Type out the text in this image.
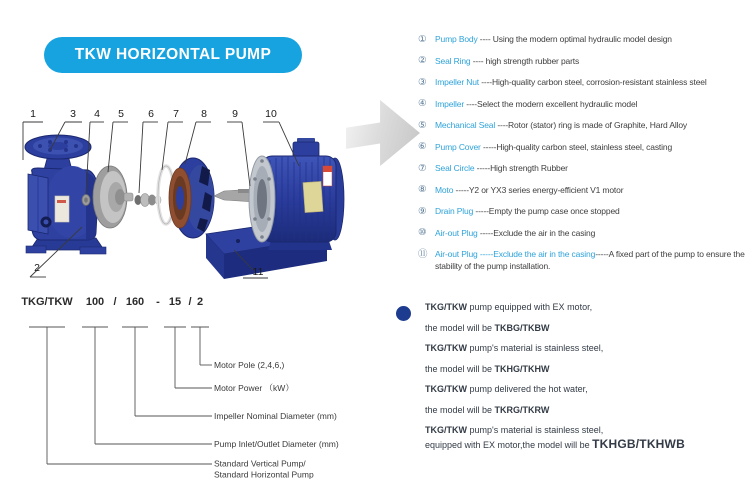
TKW HORIZONTAL PUMP
1	3 4 5 6 7 8 9	10
2	11
① Pump Body ---- Using the modern optimal hydraulic model design
② Seal Ring ---- high strength rubber parts
③ Impeller Nut ----High-quality carbon steel, corrosion-resistant stainless steel
④ Impeller ----Select the modern excellent hydraulic model
⑤ Mechanical Seal ----Rotor (stator) ring is made of Graphite, Hard Alloy
⑥ Pump Cover -----High-quality carbon steel, stainless steel, casting
⑦ Seal Circle -----High strength Rubber
⑧ Moto -----Y2 or YX3 series energy-efficient V1 motor
⑨ Drain Plug -----Empty the pump case once stopped
⑩ Air-out Plug -----Exclude the air in the casing
⑪ Air-out Plug -----Exclude the air in the casing-----A fixed part of the pump to ensure the stability of the pump installation.
TKG/TKW 100 / 160 - 15 / 2
Standard Vertical Pump/
Standard Horizontal Pump
Pump Inlet/Outlet Diameter (mm)
Impeller Nominal Diameter (mm)
Motor Power （kW）
Motor Pole (2,4,6,)
TKG/TKW pump equipped with EX motor,
the model will be TKBG/TKBW
TKG/TKW pump's material is stainless steel,
the model will be TKHG/TKHW
TKG/TKW pump delivered the hot water,
the model will be TKRG/TKRW
TKG/TKW pump's material is stainless steel,
equipped with EX motor,the model will be TKHGB/TKHWB
